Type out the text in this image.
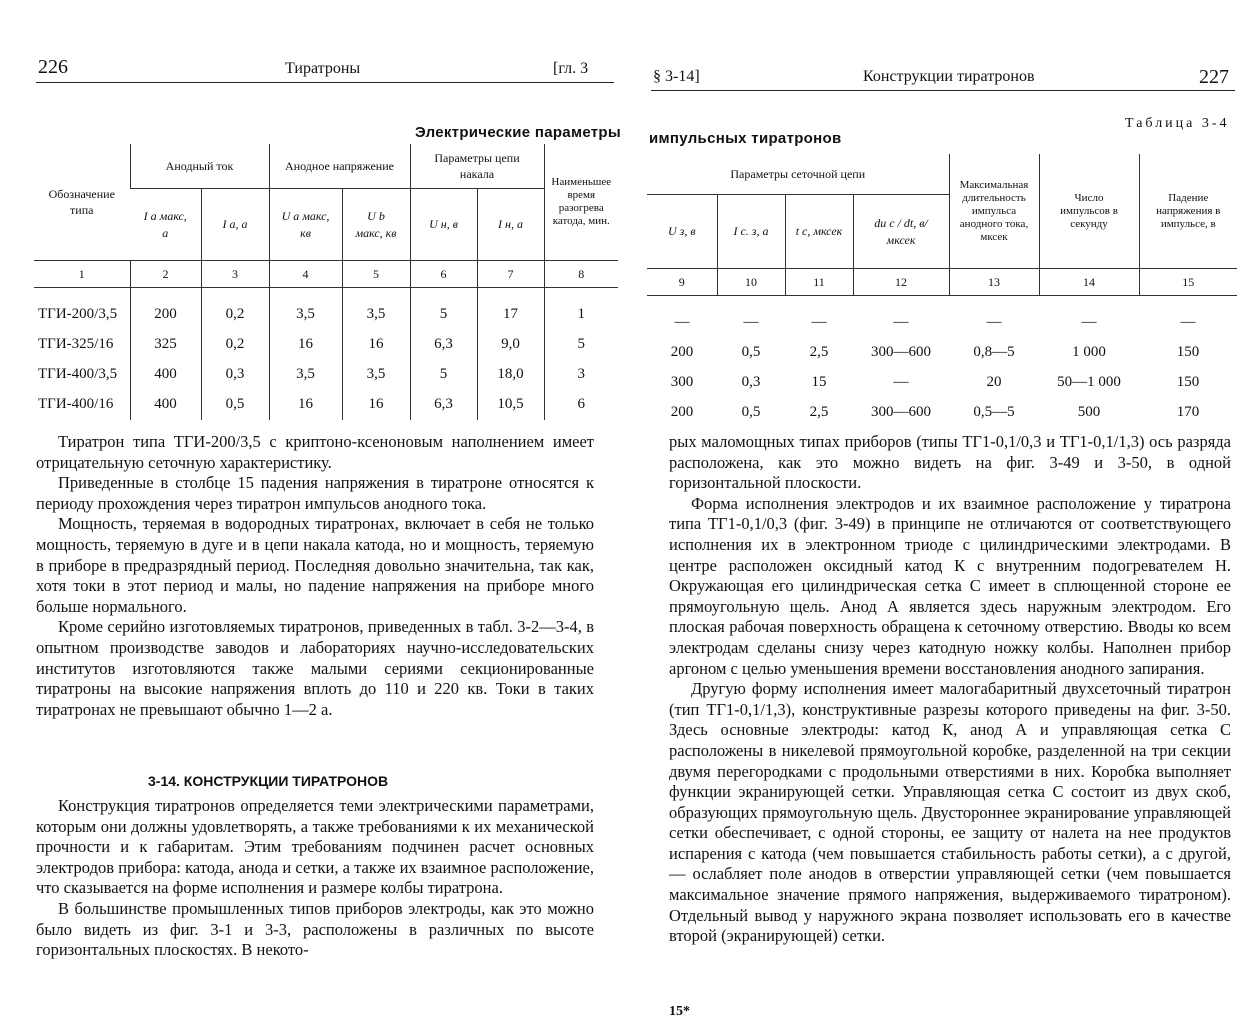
226	Тиратроны	[гл. 3
Электрические параметры
Обозначение типа	Анодный ток		Анодное напряжение		Параметры цепи накала		Наименьшее время разогрева катода, мин.
	I а макс, а	I а, а	U а макс, кв	U b макс, кв	U н, в	I н, а	
1	2	3	4	5	6	7	8

ТГИ-200/3,5	200	0,2	3,5	3,5	5	17	1
ТГИ-325/16	325	0,2	16	16	6,3	9,0	5
ТГИ-400/3,5	400	0,3	3,5	3,5	5	18,0	3
ТГИ-400/16	400	0,5	16	16	6,3	10,5	6

Тиратрон типа ТГИ-200/3,5 с криптоно-ксеноновым наполнением имеет отрицательную сеточную характеристику.

Приведенные в столбце 15 падения напряжения в тиратроне относятся к периоду прохождения через тиратрон импульсов анодного тока.

Мощность, теряемая в водородных тиратронах, включает в себя не только мощность, теряемую в дуге и в цепи накала катода, но и мощность, теряемую в приборе в предразрядный период. Последняя довольно значительна, так как, хотя токи в этот период и малы, но падение напряжения на приборе много больше нормального.

Кроме серийно изготовляемых тиратронов, приведенных в табл. 3-2—3-4, в опытном производстве заводов и лабораториях научно-исследовательских институтов изготовляются также малыми сериями секционированные тиратроны на высокие напряжения вплоть до 110 и 220 кв. Токи в таких тиратронах не превышают обычно 1—2 а.

3-14. КОНСТРУКЦИИ ТИРАТРОНОВ

Конструкция тиратронов определяется теми электрическими параметрами, которым они должны удовлетворять, а также требованиями к их механической прочности и к габаритам. Этим требованиям подчинен расчет основных электродов прибора: катода, анода и сетки, а также их взаимное расположение, что сказывается на форме исполнения и размере колбы тиратрона.

В большинстве промышленных типов приборов электроды, как это можно было видеть из фиг. 3-1 и 3-3, расположены в различных по высоте горизонтальных плоскостях. В некото-

§ 3-14]	Конструкции тиратронов	227
Таблица 3-4
импульсных тиратронов
Параметры сеточной цепи				Максимальная длительность импульса анодного тока, мксек	Число импульсов в секунду	Падение напряжения в импульсе, в
U з, в	I с. з, а	t с, мксек	du c / dt, в/мксек			
9	10	11	12	13	14	15

—	—	—	—	—	—	—
200	0,5	2,5	300—600	0,8—5	1 000	150
300	0,3	15	—	20	50—1 000	150
200	0,5	2,5	300—600	0,5—5	500	170

рых маломощных типах приборов (типы ТГ1-0,1/0,3 и ТГ1-0,1/1,3) ось разряда расположена, как это можно видеть на фиг. 3-49 и 3-50, в одной горизонтальной плоскости.

Форма исполнения электродов и их взаимное расположение у тиратрона типа ТГ1-0,1/0,3 (фиг. 3-49) в принципе не отличаются от соответствующего исполнения их в электронном триоде с цилиндрическими электродами. В центре расположен оксидный катод К с внутренним подогревателем Н. Окружающая его цилиндрическая сетка С имеет в сплющенной стороне ее прямоугольную щель. Анод А является здесь наружным электродом. Его плоская рабочая поверхность обращена к сеточному отверстию. Вводы ко всем электродам сделаны снизу через катодную ножку колбы. Наполнен прибор аргоном с целью уменьшения времени восстановления анодного запирания.

Другую форму исполнения имеет малогабаритный двухсеточный тиратрон (тип ТГ1-0,1/1,3), конструктивные разрезы которого приведены на фиг. 3-50. Здесь основные электроды: катод К, анод А и управляющая сетка С расположены в никелевой прямоугольной коробке, разделенной на три секции двумя перегородками с продольными отверстиями в них. Коробка выполняет функции экранирующей сетки. Управляющая сетка С состоит из двух скоб, образующих прямоугольную щель. Двустороннее экранирование управляющей сетки обеспечивает, с одной стороны, ее защиту от налета на нее продуктов испарения с катода (чем повышается стабильность работы сетки), а с другой, — ослабляет поле анодов в отверстии управляющей сетки (чем повышается максимальное значение прямого напряжения, выдерживаемого тиратроном). Отдельный вывод у наружного экрана позволяет использовать его в качестве второй (экранирующей) сетки.

15*
